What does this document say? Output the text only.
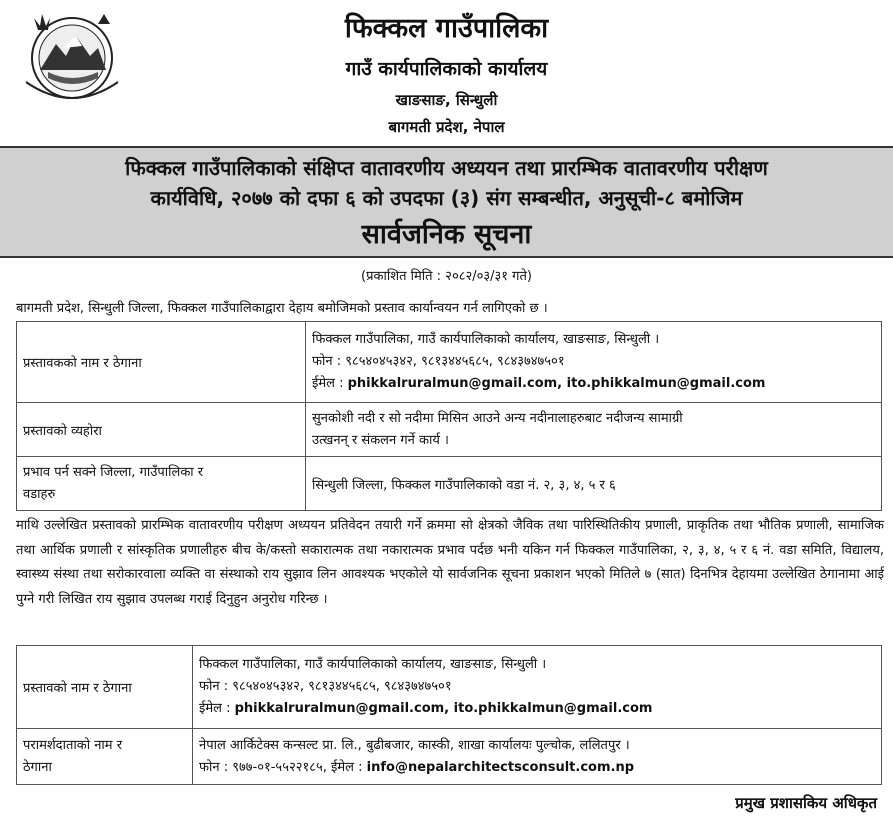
फिक्कल गाउँपालिका
गाउँ कार्यपालिकाको कार्यालय
खाङसाङ, सिन्धुली
बागमती प्रदेश, नेपाल
फिक्कल गाउँपालिकाको संक्षिप्त वातावरणीय अध्ययन तथा प्रारम्भिक वातावरणीय परीक्षण
कार्यविधि, २०७७ को दफा ६ को उपदफा (३) संग सम्बन्धीत, अनुसूची-८ बमोजिम
सार्वजनिक सूचना
(प्रकाशित मिति : २०८२/०३/३१ गते)
बागमती प्रदेश, सिन्धुली जिल्ला, फिक्कल गाउँपालिकाद्वारा देहाय बमोजिमको प्रस्ताव कार्यान्वयन गर्न लागिएको छ ।
प्रस्तावकको नाम र ठेगाना	फिक्कल गाउँपालिका, गाउँ कार्यपालिकाको कार्यालय, खाङसाङ, सिन्धुली ।
फोन : ९८५४०४५३४२, ९८१३४४५६८५, ९८४३७४७५०१
ईमेल : phikkalruralmun@gmail.com, ito.phikkalmun@gmail.com

प्रस्तावको व्यहोरा	सुनकोशी नदी र सो नदीमा मिसिन आउने अन्य नदीनालाहरुबाट नदीजन्य सामाग्री
उत्खनन् र संकलन गर्ने कार्य ।

प्रभाव पर्न सक्ने जिल्ला, गाउँपालिका र
वडाहरु	सिन्धुली जिल्ला, फिक्कल गाउँपालिकाको वडा नं. २, ३, ४, ५ र ६
माथि उल्लेखित प्रस्तावको प्रारम्भिक वातावरणीय परीक्षण अध्ययन प्रतिवेदन तयारी गर्ने क्रममा सो क्षेत्रको जैविक तथा पारिस्थितिकीय प्रणाली, प्राकृतिक तथा भौतिक प्रणाली, सामाजिक तथा आर्थिक प्रणाली र सांस्कृतिक प्रणालीहरु बीच के/कस्तो सकारात्मक तथा नकारात्मक प्रभाव पर्दछ भनी यकिन गर्न फिक्कल गाउँपालिका, २, ३, ४, ५ र ६ नं. वडा समिति, विद्यालय, स्वास्थ्य संस्था तथा सरोकारवाला व्यक्ति वा संस्थाको राय सुझाव लिन आवश्यक भएकोले यो सार्वजनिक सूचना प्रकाशन भएको मितिले ७ (सात) दिनभित्र देहायमा उल्लेखित ठेगानामा आई पुग्ने गरी लिखित राय सुझाव उपलब्ध गराई दिनुहुन अनुरोध गरिन्छ ।
प्रस्तावको नाम र ठेगाना	फिक्कल गाउँपालिका, गाउँ कार्यपालिकाको कार्यालय, खाङसाङ, सिन्धुली ।
फोन : ९८५४०४५३४२, ९८१३४४५६८५, ९८४३७४७५०१
ईमेल : phikkalruralmun@gmail.com, ito.phikkalmun@gmail.com

परामर्शदाताको नाम र
ठेगाना	नेपाल आर्किटेक्स कन्सल्ट प्रा. लि., बुढीबजार, कास्की, शाखा कार्यालयः पुल्चोक, ललितपुर ।
फोन : ९७७-०१-५५२२१८५, ईमेल : info@nepalarchitectsconsult.com.np
प्रमुख प्रशासकिय अधिकृत
